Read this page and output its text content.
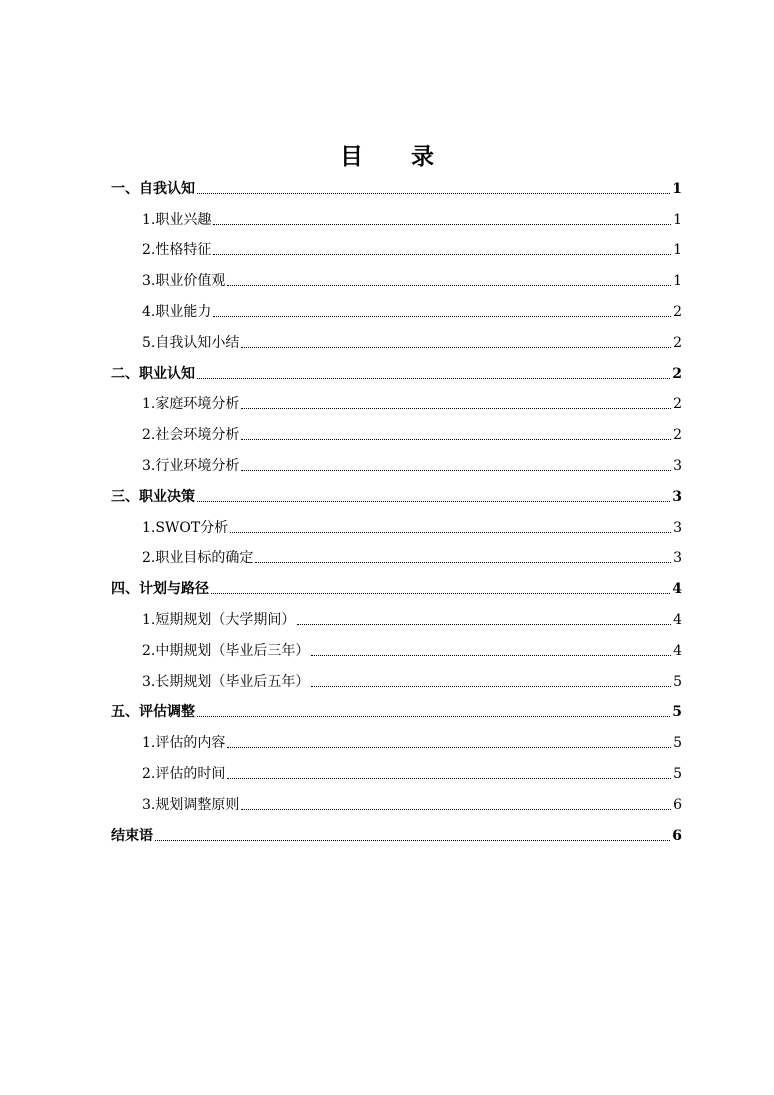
目 录
一、自我认知	1
1.职业兴趣	1
2.性格特征	1
3.职业价值观	1
4.职业能力	2
5.自我认知小结	2
二、职业认知	2
1.家庭环境分析	2
2.社会环境分析	2
3.行业环境分析	3
三、职业决策	3
1.SWOT分析	3
2.职业目标的确定	3
四、计划与路径	4
1.短期规划（大学期间）	4
2.中期规划（毕业后三年）	4
3.长期规划（毕业后五年）	5
五、评估调整	5
1.评估的内容	5
2.评估的时间	5
3.规划调整原则	6
结束语	6
